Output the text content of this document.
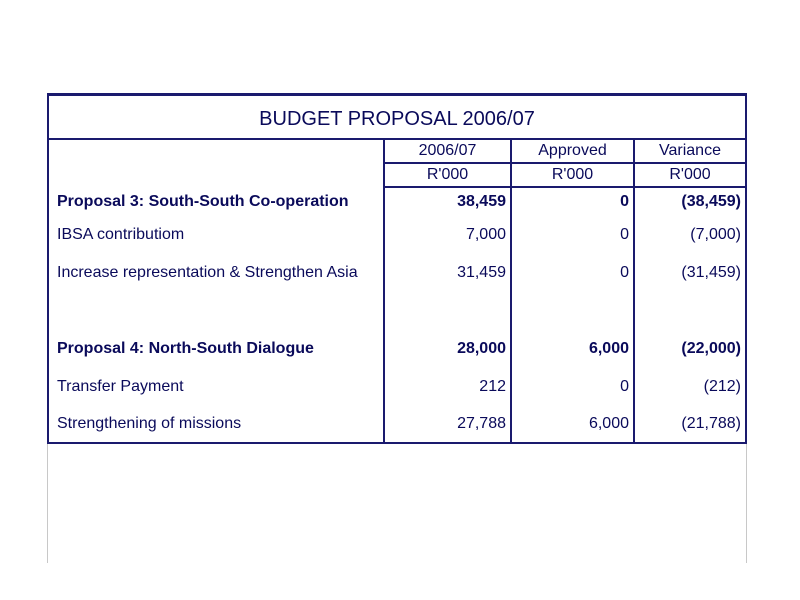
BUDGET PROPOSAL 2006/07			
	2006/07	Approved	Variance
	R'000	R'000	R'000
Proposal 3: South-South Co-operation	38,459	0	(38,459)
IBSA contributiom	7,000	0	(7,000)
Increase representation & Strengthen Asia	31,459	0	(31,459)

Proposal 4: North-South Dialogue	28,000	6,000	(22,000)
Transfer Payment	212	0	(212)
Strengthening of missions	27,788	6,000	(21,788)
